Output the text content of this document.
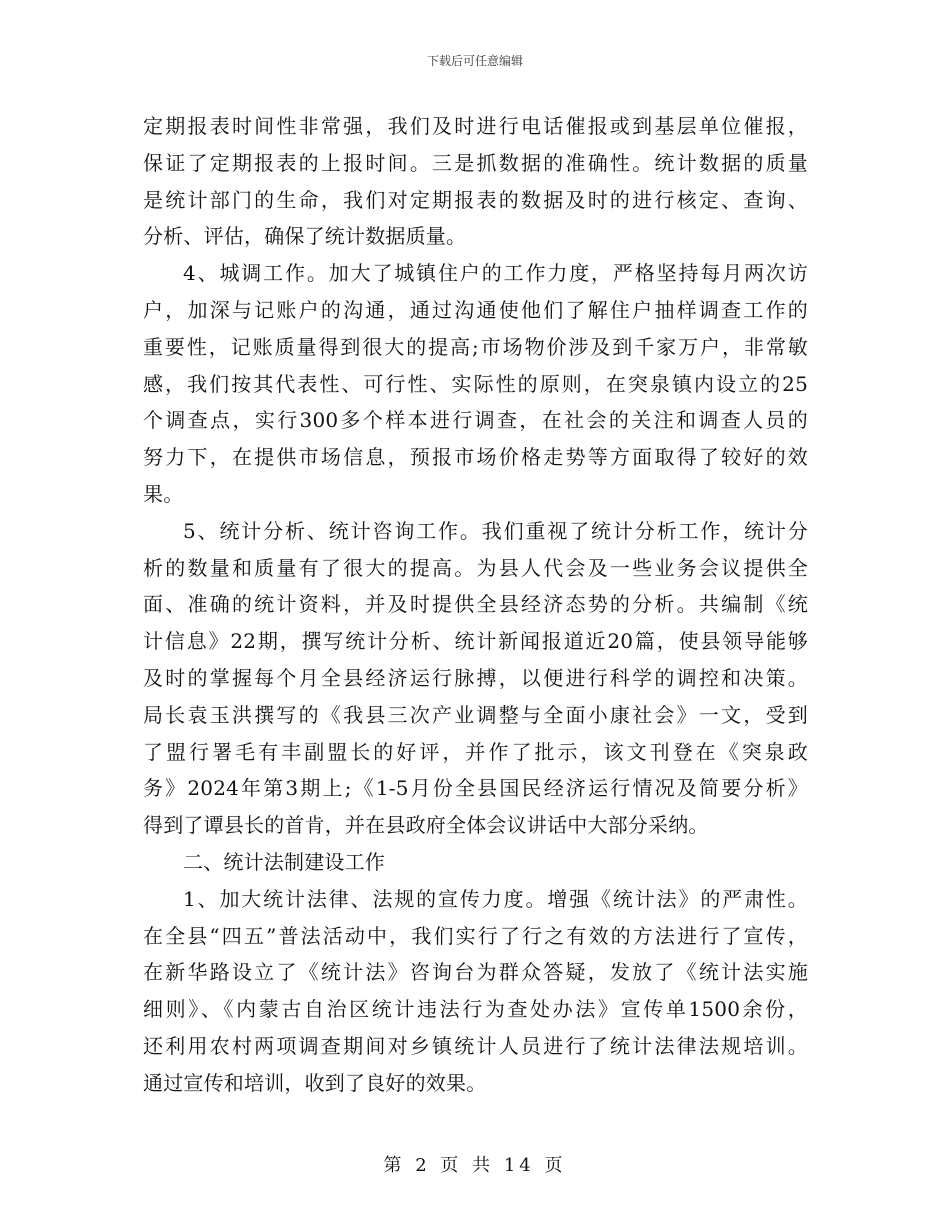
下载后可任意编辑
定期报表时间性非常强，我们及时进行电话催报或到基层单位催报，
保证了定期报表的上报时间。三是抓数据的准确性。统计数据的质量
是统计部门的生命，我们对定期报表的数据及时的进行核定、查询、
分析、评估，确保了统计数据质量。
4、城调工作。加大了城镇住户的工作力度，严格坚持每月两次访
户，加深与记账户的沟通，通过沟通使他们了解住户抽样调查工作的
重要性，记账质量得到很大的提高;市场物价涉及到千家万户，非常敏
感，我们按其代表性、可行性、实际性的原则，在突泉镇内设立的25
个调查点，实行300多个样本进行调查，在社会的关注和调查人员的
努力下，在提供市场信息，预报市场价格走势等方面取得了较好的效
果。
5、统计分析、统计咨询工作。我们重视了统计分析工作，统计分
析的数量和质量有了很大的提高。为县人代会及一些业务会议提供全
面、准确的统计资料，并及时提供全县经济态势的分析。共编制《统
计信息》22期，撰写统计分析、统计新闻报道近20篇，使县领导能够
及时的掌握每个月全县经济运行脉搏，以便进行科学的调控和决策。
局长袁玉洪撰写的《我县三次产业调整与全面小康社会》一文，受到
了盟行署毛有丰副盟长的好评，并作了批示，该文刊登在《突泉政
务》2024年第3期上;《1-5月份全县国民经济运行情况及简要分析》
得到了谭县长的首肯，并在县政府全体会议讲话中大部分采纳。
二、统计法制建设工作
1、加大统计法律、法规的宣传力度。增强《统计法》的严肃性。
在全县“四五”普法活动中，我们实行了行之有效的方法进行了宣传，
在新华路设立了《统计法》咨询台为群众答疑，发放了《统计法实施
细则》、《内蒙古自治区统计违法行为查处办法》宣传单1500余份，
还利用农村两项调查期间对乡镇统计人员进行了统计法律法规培训。
通过宣传和培训，收到了良好的效果。
第 2 页 共 14 页
